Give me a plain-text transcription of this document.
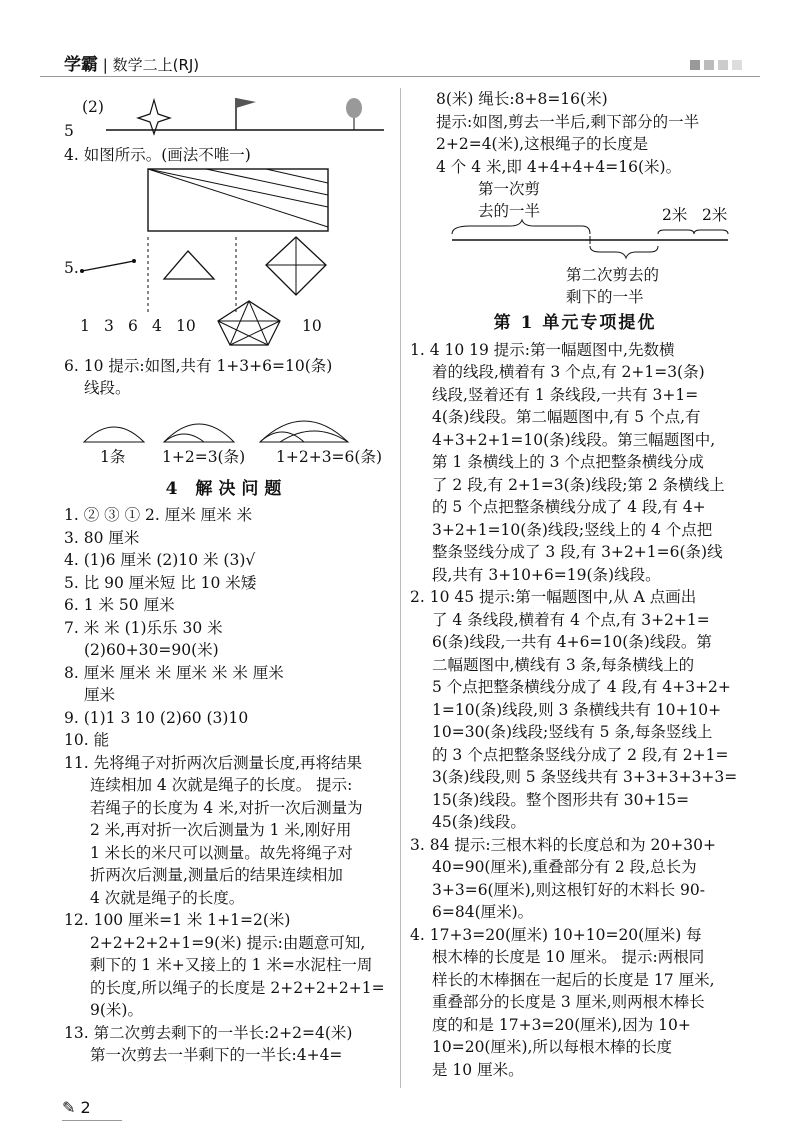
学霸 | 数学二上(RJ)
(2)
5
4. 如图所示。(画法不唯一)
5.
1 3 6 4 10	10
6. 10 提示:如图,共有 1+3+6=10(条)
线段。
1条 1+2=3(条) 1+2+3=6(条)
4 解决问题
1. ② ③ ① 2. 厘米 厘米 米
3. 80 厘米
4. (1)6 厘米 (2)10 米 (3)√
5. 比 90 厘米短 比 10 米矮
6. 1 米 50 厘米
7. 米 米 (1)乐乐 30 米
(2)60+30=90(米)
8. 厘米 厘米 米 厘米 米 米 厘米
厘米
9. (1)1 3 10 (2)60 (3)10
10. 能
11. 先将绳子对折两次后测量长度,再将结果
连续相加 4 次就是绳子的长度。 提示:
若绳子的长度为 4 米,对折一次后测量为
2 米,再对折一次后测量为 1 米,刚好用
1 米长的米尺可以测量。故先将绳子对
折两次后测量,测量后的结果连续相加
4 次就是绳子的长度。
12. 100 厘米=1 米 1+1=2(米)
2+2+2+2+1=9(米) 提示:由题意可知,
剩下的 1 米+又接上的 1 米=水泥柱一周
的长度,所以绳子的长度是 2+2+2+2+1=
9(米)。
13. 第二次剪去剩下的一半长:2+2=4(米)
第一次剪去一半剩下的一半长:4+4=
8(米) 绳长:8+8=16(米)
提示:如图,剪去一半后,剩下部分的一半
2+2=4(米),这根绳子的长度是
4 个 4 米,即 4+4+4+4=16(米)。
第一次剪
去的一半	2米 2米
第二次剪去的
剩下的一半
第 1 单元专项提优
1. 4 10 19 提示:第一幅题图中,先数横
着的线段,横着有 3 个点,有 2+1=3(条)
线段,竖着还有 1 条线段,一共有 3+1=
4(条)线段。第二幅题图中,有 5 个点,有
4+3+2+1=10(条)线段。第三幅题图中,
第 1 条横线上的 3 个点把整条横线分成
了 2 段,有 2+1=3(条)线段;第 2 条横线上
的 5 个点把整条横线分成了 4 段,有 4+
3+2+1=10(条)线段;竖线上的 4 个点把
整条竖线分成了 3 段,有 3+2+1=6(条)线
段,共有 3+10+6=19(条)线段。
2. 10 45 提示:第一幅题图中,从 A 点画出
了 4 条线段,横着有 4 个点,有 3+2+1=
6(条)线段,一共有 4+6=10(条)线段。第
二幅题图中,横线有 3 条,每条横线上的
5 个点把整条横线分成了 4 段,有 4+3+2+
1=10(条)线段,则 3 条横线共有 10+10+
10=30(条)线段;竖线有 5 条,每条竖线上
的 3 个点把整条竖线分成了 2 段,有 2+1=
3(条)线段,则 5 条竖线共有 3+3+3+3+3=
15(条)线段。整个图形共有 30+15=
45(条)线段。
3. 84 提示:三根木料的长度总和为 20+30+
40=90(厘米),重叠部分有 2 段,总长为
3+3=6(厘米),则这根钉好的木料长 90-
6=84(厘米)。
4. 17+3=20(厘米) 10+10=20(厘米) 每
根木棒的长度是 10 厘米。 提示:两根同
样长的木棒捆在一起后的长度是 17 厘米,
重叠部分的长度是 3 厘米,则两根木棒长
度的和是 17+3=20(厘米),因为 10+
10=20(厘米),所以每根木棒的长度
是 10 厘米。
✎ 2
